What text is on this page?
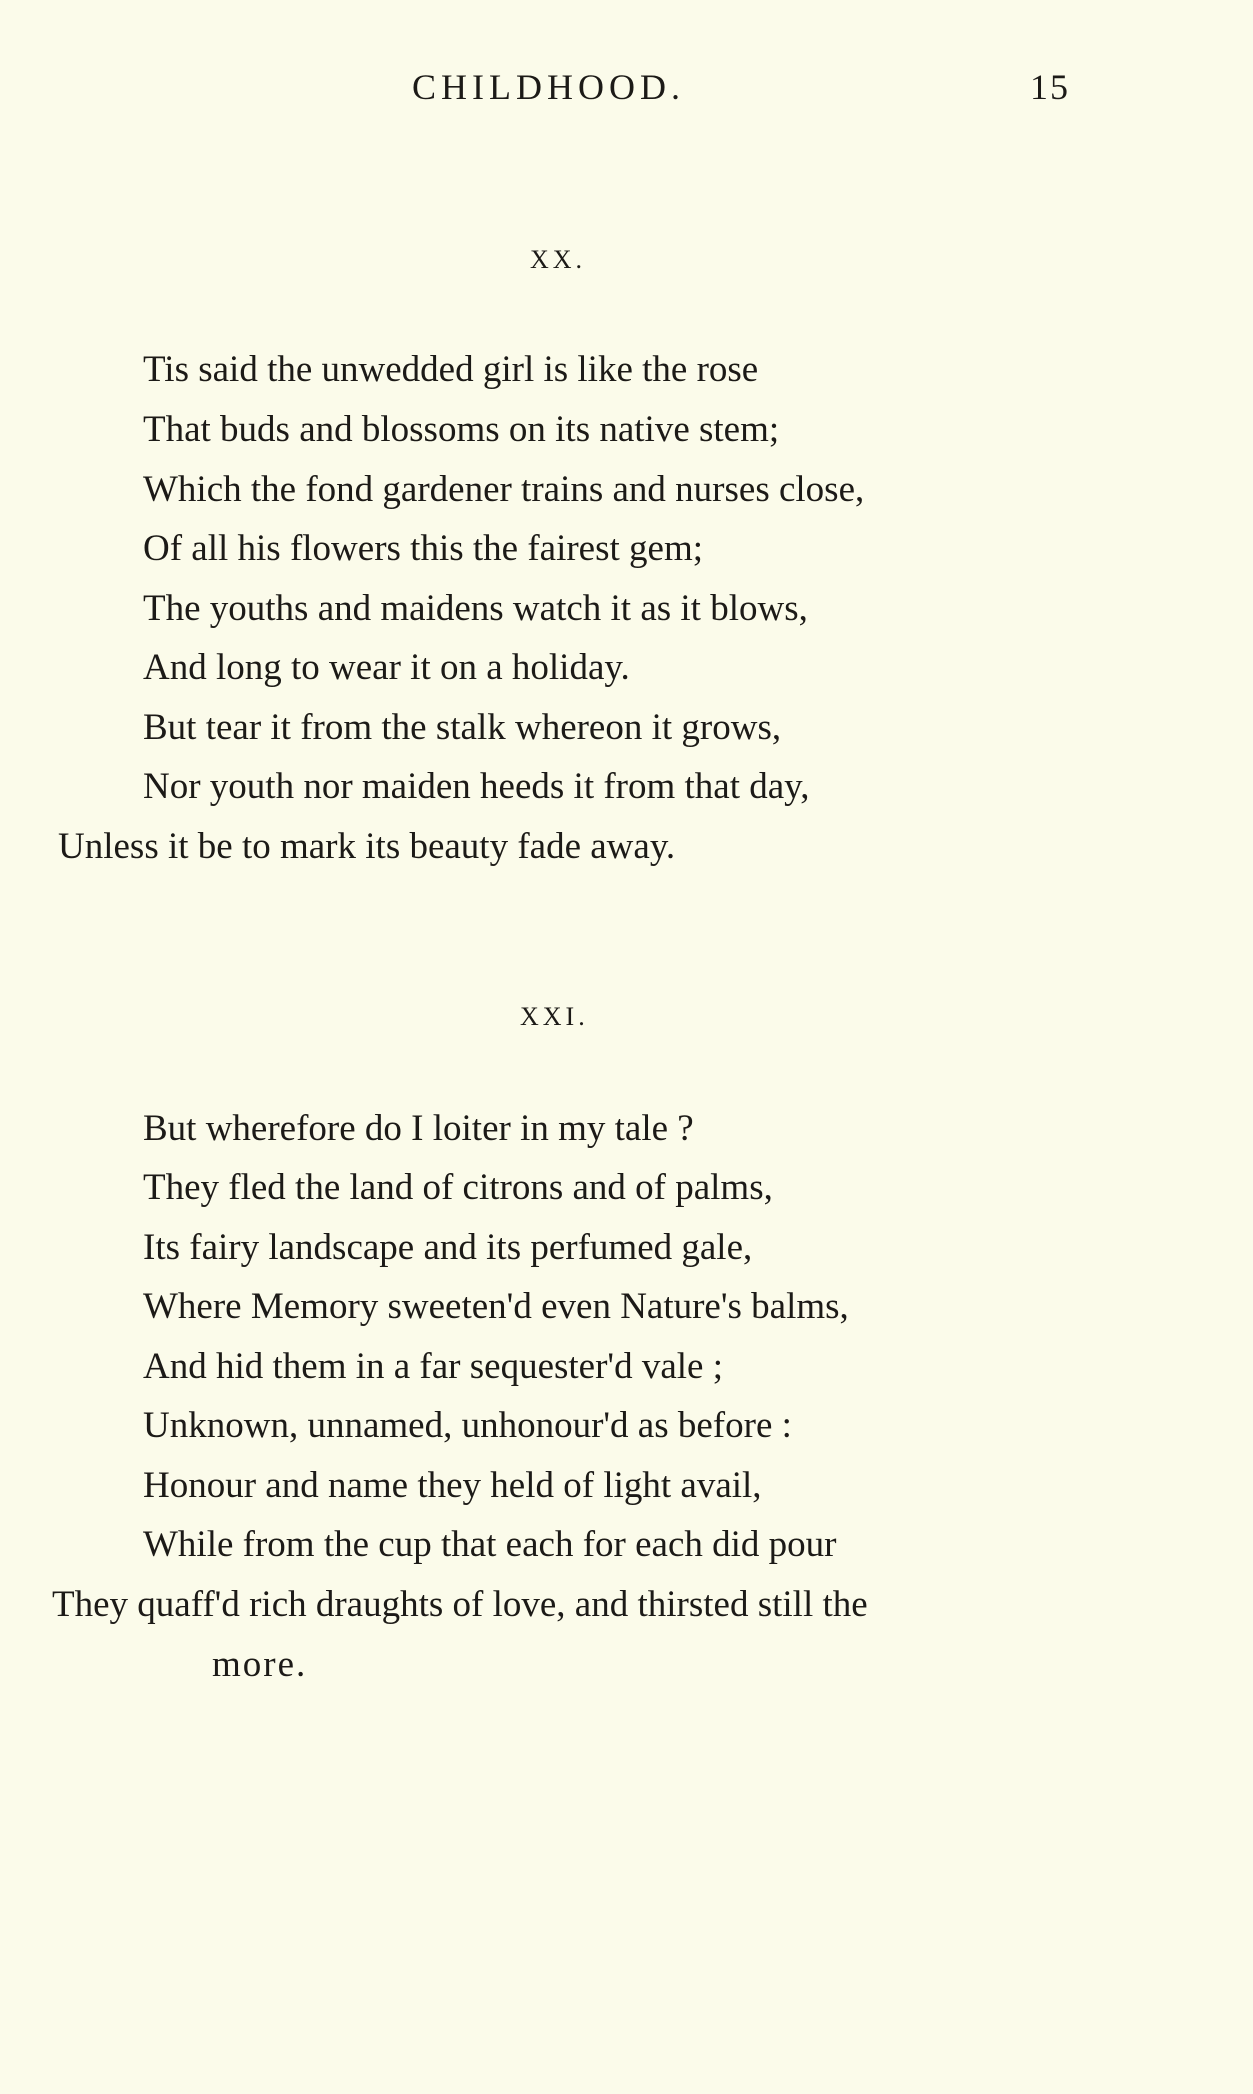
CHILDHOOD.	15
XX.
Tis said the unwedded girl is like the rose
That buds and blossoms on its native stem;
Which the fond gardener trains and nurses close,
Of all his flowers this the fairest gem;
The youths and maidens watch it as it blows,
And long to wear it on a holiday.
But tear it from the stalk whereon it grows,
Nor youth nor maiden heeds it from that day,
Unless it be to mark its beauty fade away.
XXI.
But wherefore do I loiter in my tale ?
They fled the land of citrons and of palms,
Its fairy landscape and its perfumed gale,
Where Memory sweeten'd even Nature's balms,
And hid them in a far sequester'd vale ;
Unknown, unnamed, unhonour'd as before :
Honour and name they held of light avail,
While from the cup that each for each did pour
They quaff'd rich draughts of love, and thirsted still the
more.
